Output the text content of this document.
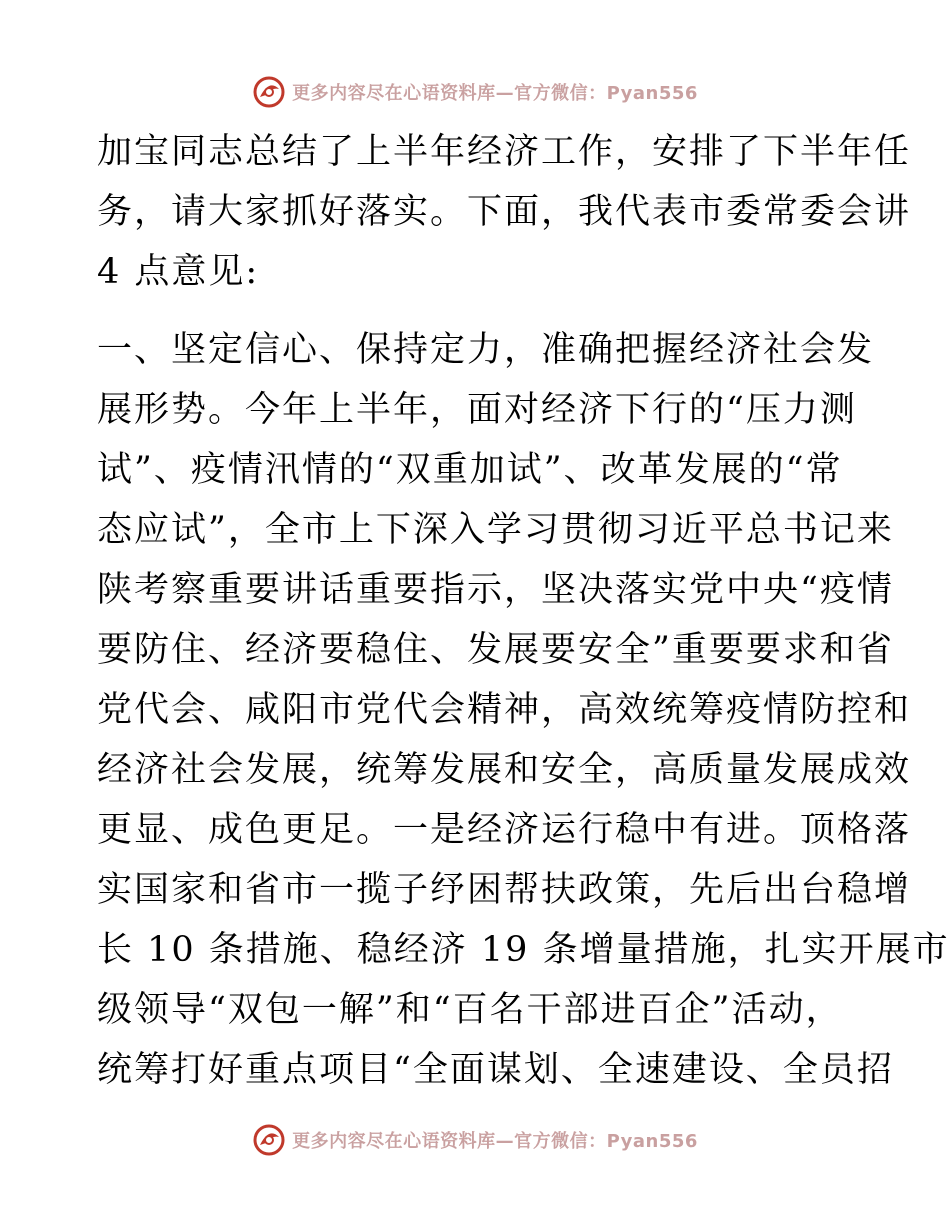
更多内容尽在心语资料库—官方微信：Pyan556
加宝同志总结了上半年经济工作，安排了下半年任
务，请大家抓好落实。下面，我代表市委常委会讲
4 点意见:
一、坚定信心、保持定力，准确把握经济社会发
展形势。今年上半年，面对经济下行的“压力测
试”、疫情汛情的“双重加试”、改革发展的“常
态应试”，全市上下深入学习贯彻习近平总书记来
陕考察重要讲话重要指示，坚决落实党中央“疫情
要防住、经济要稳住、发展要安全”重要要求和省
党代会、咸阳市党代会精神，高效统筹疫情防控和
经济社会发展，统筹发展和安全，高质量发展成效
更显、成色更足。一是经济运行稳中有进。顶格落
实国家和省市一揽子纾困帮扶政策，先后出台稳增
长 10 条措施、稳经济 19 条增量措施，扎实开展市
级领导“双包一解”和“百名干部进百企”活动，
统筹打好重点项目“全面谋划、全速建设、全员招
更多内容尽在心语资料库—官方微信：Pyan556
